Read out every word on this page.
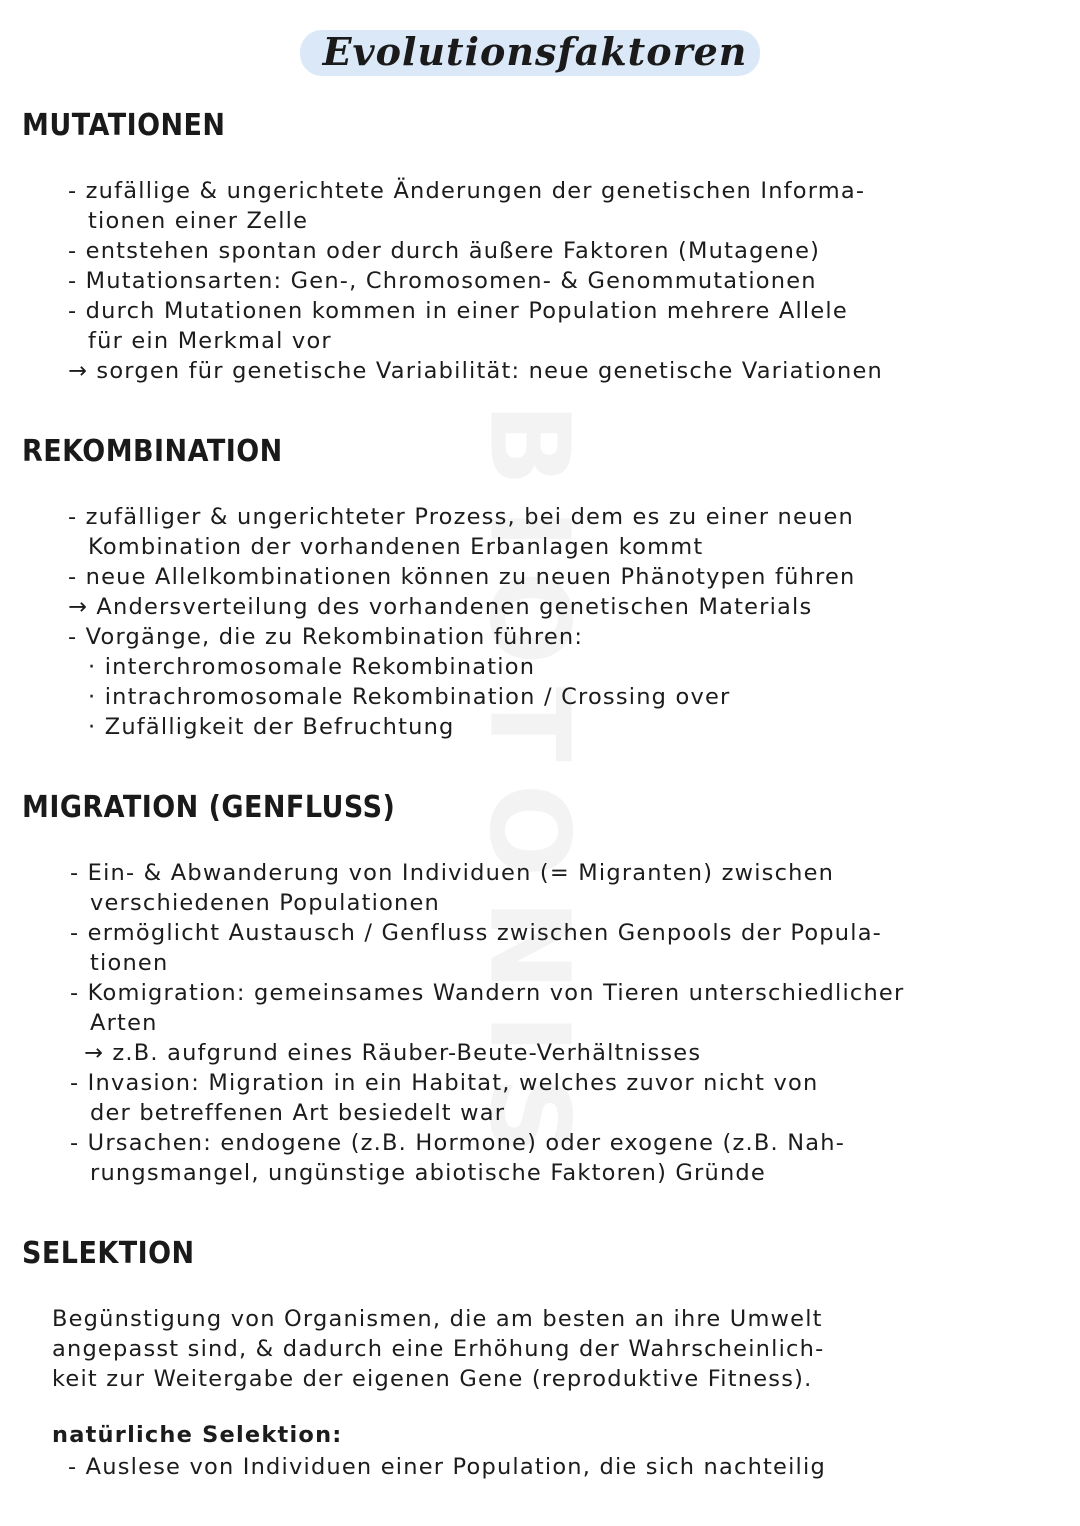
BIOTONIS
Evolutionsfaktoren
MUTATIONEN
- zufällige & ungerichtete Änderungen der genetischen Informa-
tionen einer Zelle
- entstehen spontan oder durch äußere Faktoren (Mutagene)
- Mutationsarten: Gen-, Chromosomen- & Genommutationen
- durch Mutationen kommen in einer Population mehrere Allele
für ein Merkmal vor
→ sorgen für genetische Variabilität: neue genetische Variationen
REKOMBINATION
- zufälliger & ungerichteter Prozess, bei dem es zu einer neuen
Kombination der vorhandenen Erbanlagen kommt
- neue Allelkombinationen können zu neuen Phänotypen führen
→ Andersverteilung des vorhandenen genetischen Materials
- Vorgänge, die zu Rekombination führen:
· interchromosomale Rekombination
· intrachromosomale Rekombination / Crossing over
· Zufälligkeit der Befruchtung
MIGRATION (GENFLUSS)
- Ein- & Abwanderung von Individuen (= Migranten) zwischen
verschiedenen Populationen
- ermöglicht Austausch / Genfluss zwischen Genpools der Popula-
tionen
- Komigration: gemeinsames Wandern von Tieren unterschiedlicher
Arten
→ z.B. aufgrund eines Räuber-Beute-Verhältnisses
- Invasion: Migration in ein Habitat, welches zuvor nicht von
der betreffenen Art besiedelt war
- Ursachen: endogene (z.B. Hormone) oder exogene (z.B. Nah-
rungsmangel, ungünstige abiotische Faktoren) Gründe
SELEKTION
Begünstigung von Organismen, die am besten an ihre Umwelt
angepasst sind, & dadurch eine Erhöhung der Wahrscheinlich-
keit zur Weitergabe der eigenen Gene (reproduktive Fitness).
natürliche Selektion:
- Auslese von Individuen einer Population, die sich nachteilig
